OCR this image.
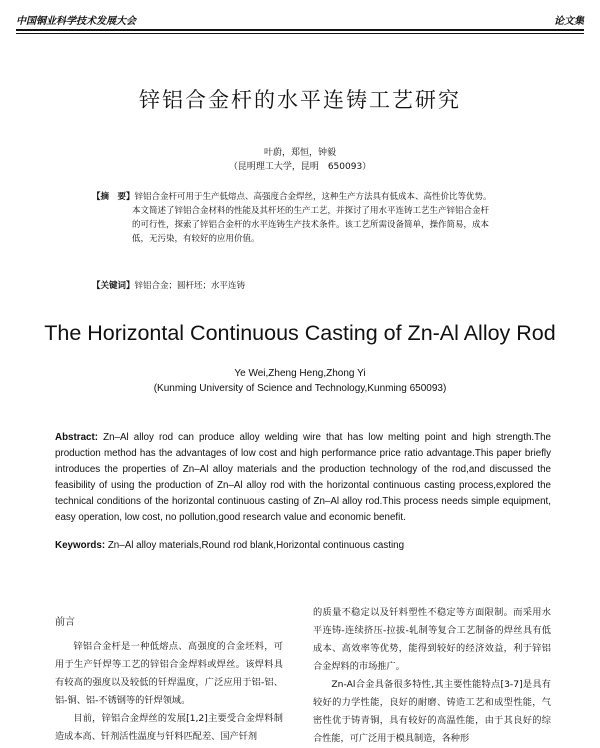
中国铜业科学技术发展大会	论文集
锌铝合金杆的水平连铸工艺研究
叶蔚，郑恒，钟毅
（昆明理工大学，昆明　650093）
【摘　要】锌铝合金杆可用于生产低熔点、高强度合金焊丝，这种生产方法具有低成本、高性价比等优势。
本文简述了锌铝合金材料的性能及其杆坯的生产工艺，并探讨了用水平连铸工艺生产锌铝合金杆
的可行性，探索了锌铝合金杆的水平连铸生产技术条件。该工艺所需设备简单，操作简易，成本
低，无污染，有较好的应用价值。
【关键词】锌铝合金；圆杆坯；水平连铸
The Horizontal Continuous Casting of Zn-Al Alloy Rod
Ye Wei,Zheng Heng,Zhong Yi
(Kunming University of Science and Technology,Kunming 650093)
Abstract: Zn–Al alloy rod can produce alloy welding wire that has low melting point and high strength.The production method has the advantages of low cost and high performance price ratio advantage.This paper briefly introduces the properties of Zn–Al alloy materials and the production technology of the rod,and discussed the feasibility of using the production of Zn–Al alloy rod with the horizontal continuous casting process,explored the technical conditions of the horizontal continuous casting of Zn–Al alloy rod.This process needs simple equipment, easy operation, low cost, no pollution,good research value and economic benefit.
Keywords: Zn–Al alloy materials,Round rod blank,Horizontal continuous casting
前言

锌铝合金杆是一种低熔点、高强度的合金坯料，可用于生产钎焊等工艺的锌铝合金焊料或焊丝。该焊料具有较高的强度以及较低的钎焊温度，广泛应用于铝-铝、铝-铜、铝-不锈钢等的钎焊领域。

目前，锌铝合金焊丝的发展[1,2]主要受合金焊料制造成本高、钎剂活性温度与钎料匹配差、国产钎剂

的质量不稳定以及钎料塑性不稳定等方面限制。而采用水平连铸-连续挤压-拉拔-轧制等复合工艺制备的焊丝具有低成本、高效率等优势，能得到较好的经济效益，利于锌铝合金焊料的市场推广。

Zn-Al合金具备很多特性,其主要性能特点[3-7]是具有较好的力学性能，良好的耐磨、铸造工艺和成型性能，气密性优于铸青铜，具有较好的高温性能，由于其良好的综合性能，可广泛用于模具制造，各种形
